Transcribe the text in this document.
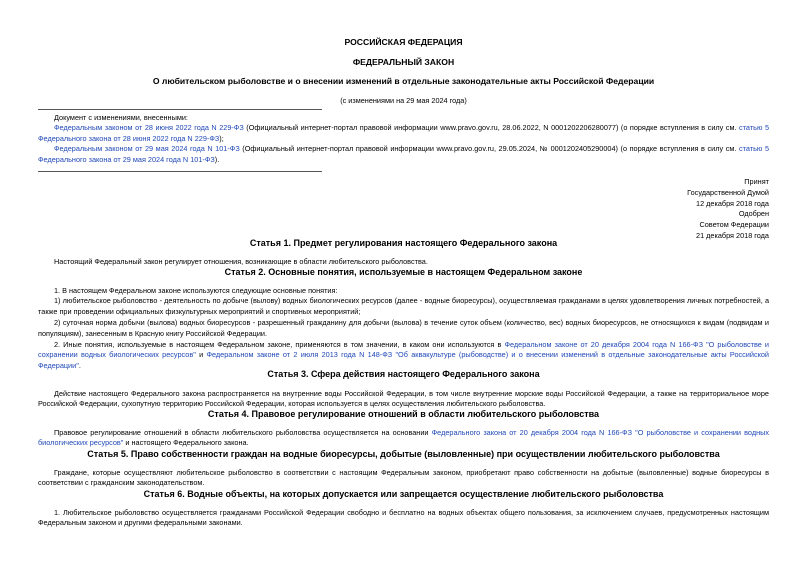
РОССИЙСКАЯ ФЕДЕРАЦИЯ
ФЕДЕРАЛЬНЫЙ ЗАКОН
О любительском рыболовстве и о внесении изменений в отдельные законодательные акты Российской Федерации
(с изменениями на 29 мая 2024 года)
Документ с изменениями, внесенными:
Федеральным законом от 28 июня 2022 года N 229-ФЗ (Официальный интернет-портал правовой информации www.pravo.gov.ru, 28.06.2022, N 0001202206280077) (о порядке вступления в силу см. статью 5 Федерального закона от 28 июня 2022 года N 229-ФЗ);
Федеральным законом от 29 мая 2024 года N 101-ФЗ (Официальный интернет-портал правовой информации www.pravo.gov.ru, 29.05.2024, № 0001202405290004) (о порядке вступления в силу см. статью 5 Федерального закона от 29 мая 2024 года N 101-ФЗ).
Принят
Государственной Думой
12 декабря 2018 года
Одобрен
Советом Федерации
21 декабря 2018 года
Статья 1. Предмет регулирования настоящего Федерального закона
Настоящий Федеральный закон регулирует отношения, возникающие в области любительского рыболовства.
Статья 2. Основные понятия, используемые в настоящем Федеральном законе
1. В настоящем Федеральном законе используются следующие основные понятия:
1) любительское рыболовство - деятельность по добыче (вылову) водных биологических ресурсов (далее - водные биоресурсы), осуществляемая гражданами в целях удовлетворения личных потребностей, а также при проведении официальных физкультурных мероприятий и спортивных мероприятий;
2) суточная норма добычи (вылова) водных биоресурсов - разрешенный гражданину для добычи (вылова) в течение суток объем (количество, вес) водных биоресурсов, не относящихся к видам (подвидам и популяциям), занесенным в Красную книгу Российской Федерации.
2. Иные понятия, используемые в настоящем Федеральном законе, применяются в том значении, в каком они используются в Федеральном законе от 20 декабря 2004 года N 166-ФЗ "О рыболовстве и сохранении водных биологических ресурсов" и Федеральном законе от 2 июля 2013 года N 148-ФЗ "Об аквакультуре (рыбоводстве) и о внесении изменений в отдельные законодательные акты Российской Федерации".
Статья 3. Сфера действия настоящего Федерального закона
Действие настоящего Федерального закона распространяется на внутренние воды Российской Федерации, в том числе внутренние морские воды Российской Федерации, а также на территориальное море Российской Федерации, сухопутную территорию Российской Федерации, которая используется в целях осуществления любительского рыболовства.
Статья 4. Правовое регулирование отношений в области любительского рыболовства
Правовое регулирование отношений в области любительского рыболовства осуществляется на основании Федерального закона от 20 декабря 2004 года N 166-ФЗ "О рыболовстве и сохранении водных биологических ресурсов" и настоящего Федерального закона.
Статья 5. Право собственности граждан на водные биоресурсы, добытые (выловленные) при осуществлении любительского рыболовства
Граждане, которые осуществляют любительское рыболовство в соответствии с настоящим Федеральным законом, приобретают право собственности на добытые (выловленные) водные биоресурсы в соответствии с гражданским законодательством.
Статья 6. Водные объекты, на которых допускается или запрещается осуществление любительского рыболовства
1. Любительское рыболовство осуществляется гражданами Российской Федерации свободно и бесплатно на водных объектах общего пользования, за исключением случаев, предусмотренных настоящим Федеральным законом и другими федеральными законами.
